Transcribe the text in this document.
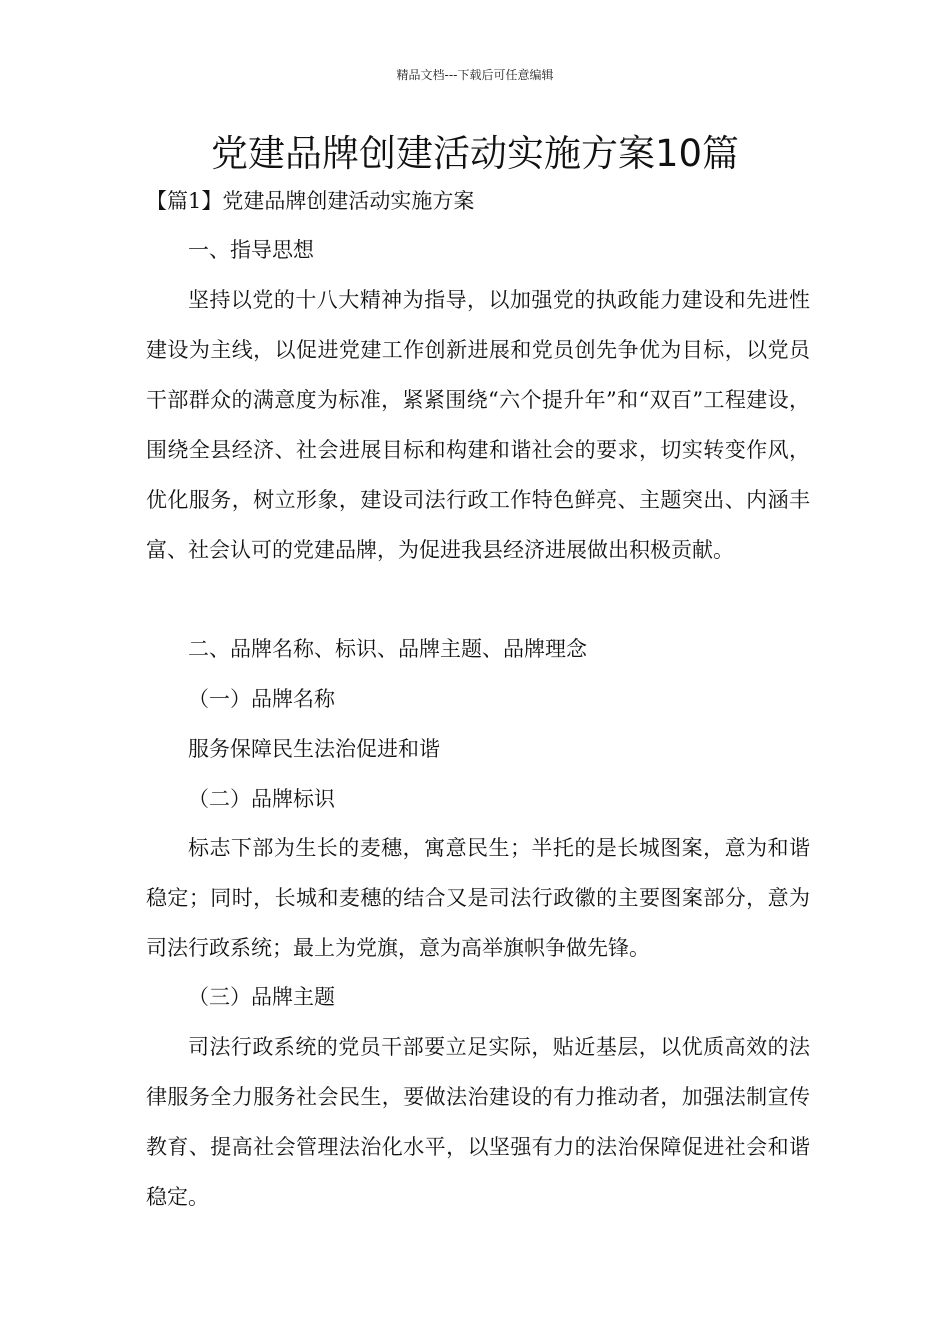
精品文档---下载后可任意编辑
党建品牌创建活动实施方案10篇

【篇1】党建品牌创建活动实施方案

一、指导思想

坚持以党的十八大精神为指导，以加强党的执政能力建设和先进性建设为主线，以促进党建工作创新进展和党员创先争优为目标，以党员干部群众的满意度为标准，紧紧围绕“六个提升年”和“双百”工程建设，围绕全县经济、社会进展目标和构建和谐社会的要求，切实转变作风，优化服务，树立形象，建设司法行政工作特色鲜亮、主题突出、内涵丰富、社会认可的党建品牌，为促进我县经济进展做出积极贡献。

二、品牌名称、标识、品牌主题、品牌理念

（一）品牌名称

服务保障民生法治促进和谐

（二）品牌标识

标志下部为生长的麦穗，寓意民生；半托的是长城图案，意为和谐稳定；同时，长城和麦穗的结合又是司法行政徽的主要图案部分，意为司法行政系统；最上为党旗，意为高举旗帜争做先锋。

（三）品牌主题

司法行政系统的党员干部要立足实际，贴近基层，以优质高效的法律服务全力服务社会民生，要做法治建设的有力推动者，加强法制宣传教育、提高社会管理法治化水平，以坚强有力的法治保障促进社会和谐稳定。
